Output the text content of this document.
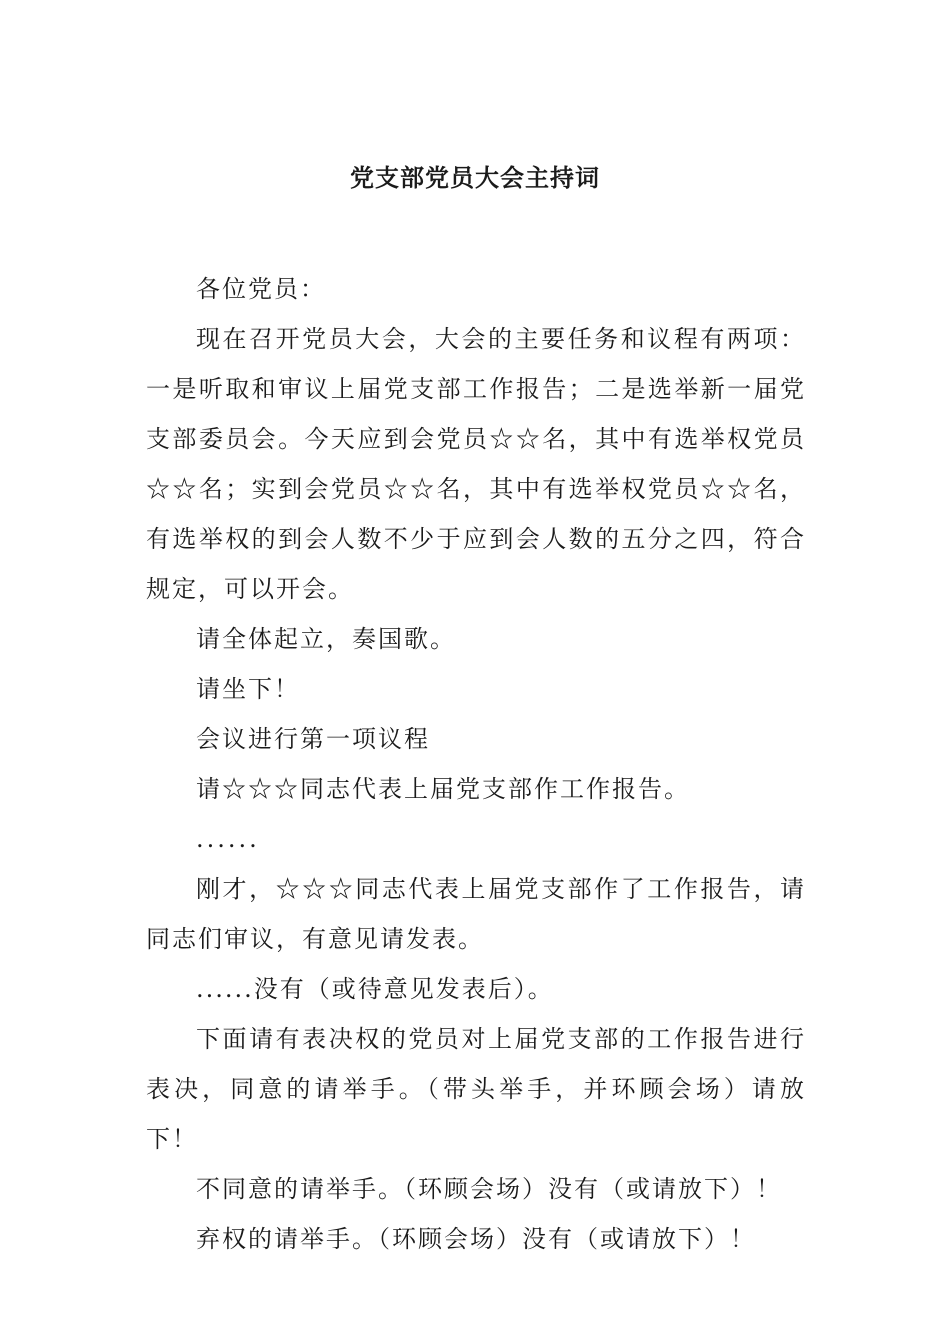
党支部党员大会主持词

各位党员：

现在召开党员大会，大会的主要任务和议程有两项：一是听取和审议上届党支部工作报告；二是选举新一届党支部委员会。今天应到会党员☆☆名，其中有选举权党员☆☆名；实到会党员☆☆名，其中有选举权党员☆☆名，有选举权的到会人数不少于应到会人数的五分之四，符合规定，可以开会。

请全体起立，奏国歌。

请坐下！

会议进行第一项议程

请☆☆☆同志代表上届党支部作工作报告。

......

刚才，☆☆☆同志代表上届党支部作了工作报告，请同志们审议，有意见请发表。

......没有（或待意见发表后）。

下面请有表决权的党员对上届党支部的工作报告进行表决，同意的请举手。（带头举手，并环顾会场）请放下！

不同意的请举手。（环顾会场）没有（或请放下）！

弃权的请举手。（环顾会场）没有（或请放下）！
